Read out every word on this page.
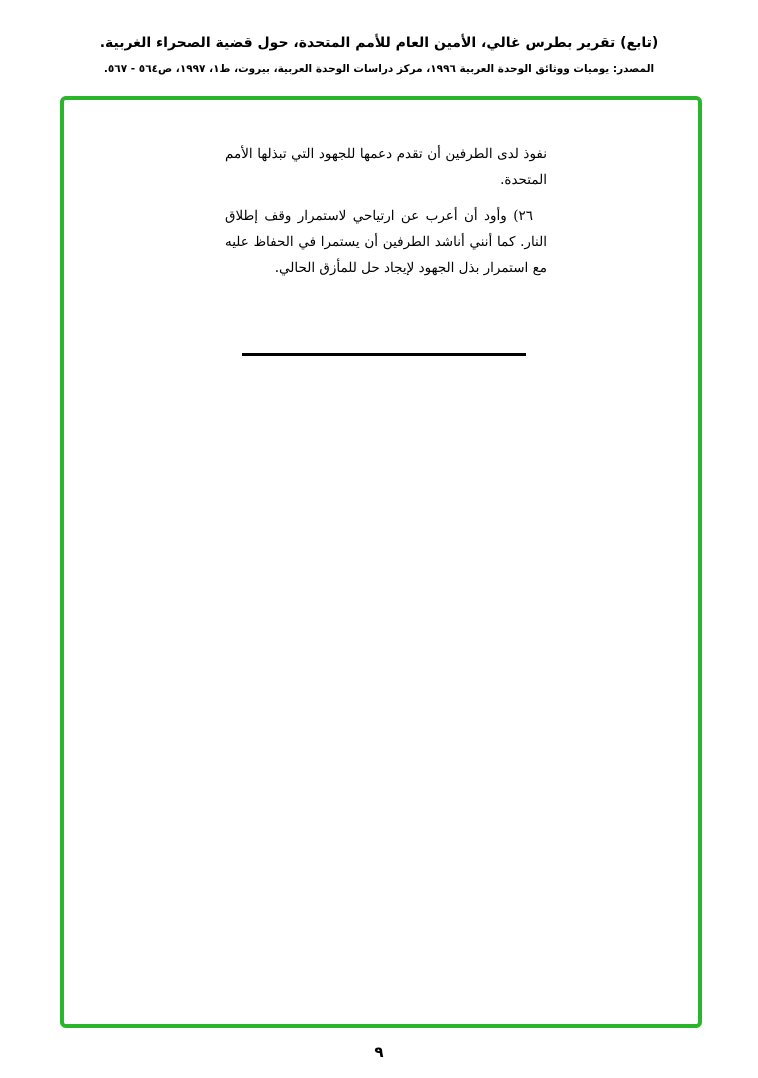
(تابع) تقرير بطرس غالي، الأمين العام للأمم المتحدة، حول قضية الصحراء الغربية.
المصدر: يوميات ووثائق الوحدة العربية ١٩٩٦، مركز دراسات الوحدة العربية، بيروت، ط١، ١٩٩٧، ص٥٦٤ - ٥٦٧.

نفوذ لدى الطرفين أن تقدم دعمها للجهود التي تبذلها الأمم المتحدة.

٢٦) وأود أن أعرب عن ارتياحي لاستمرار وقف إطلاق النار. كما أنني أناشد الطرفين أن يستمرا في الحفاظ عليه مع استمرار بذل الجهود لإيجاد حل للمأزق الحالي.

٩
